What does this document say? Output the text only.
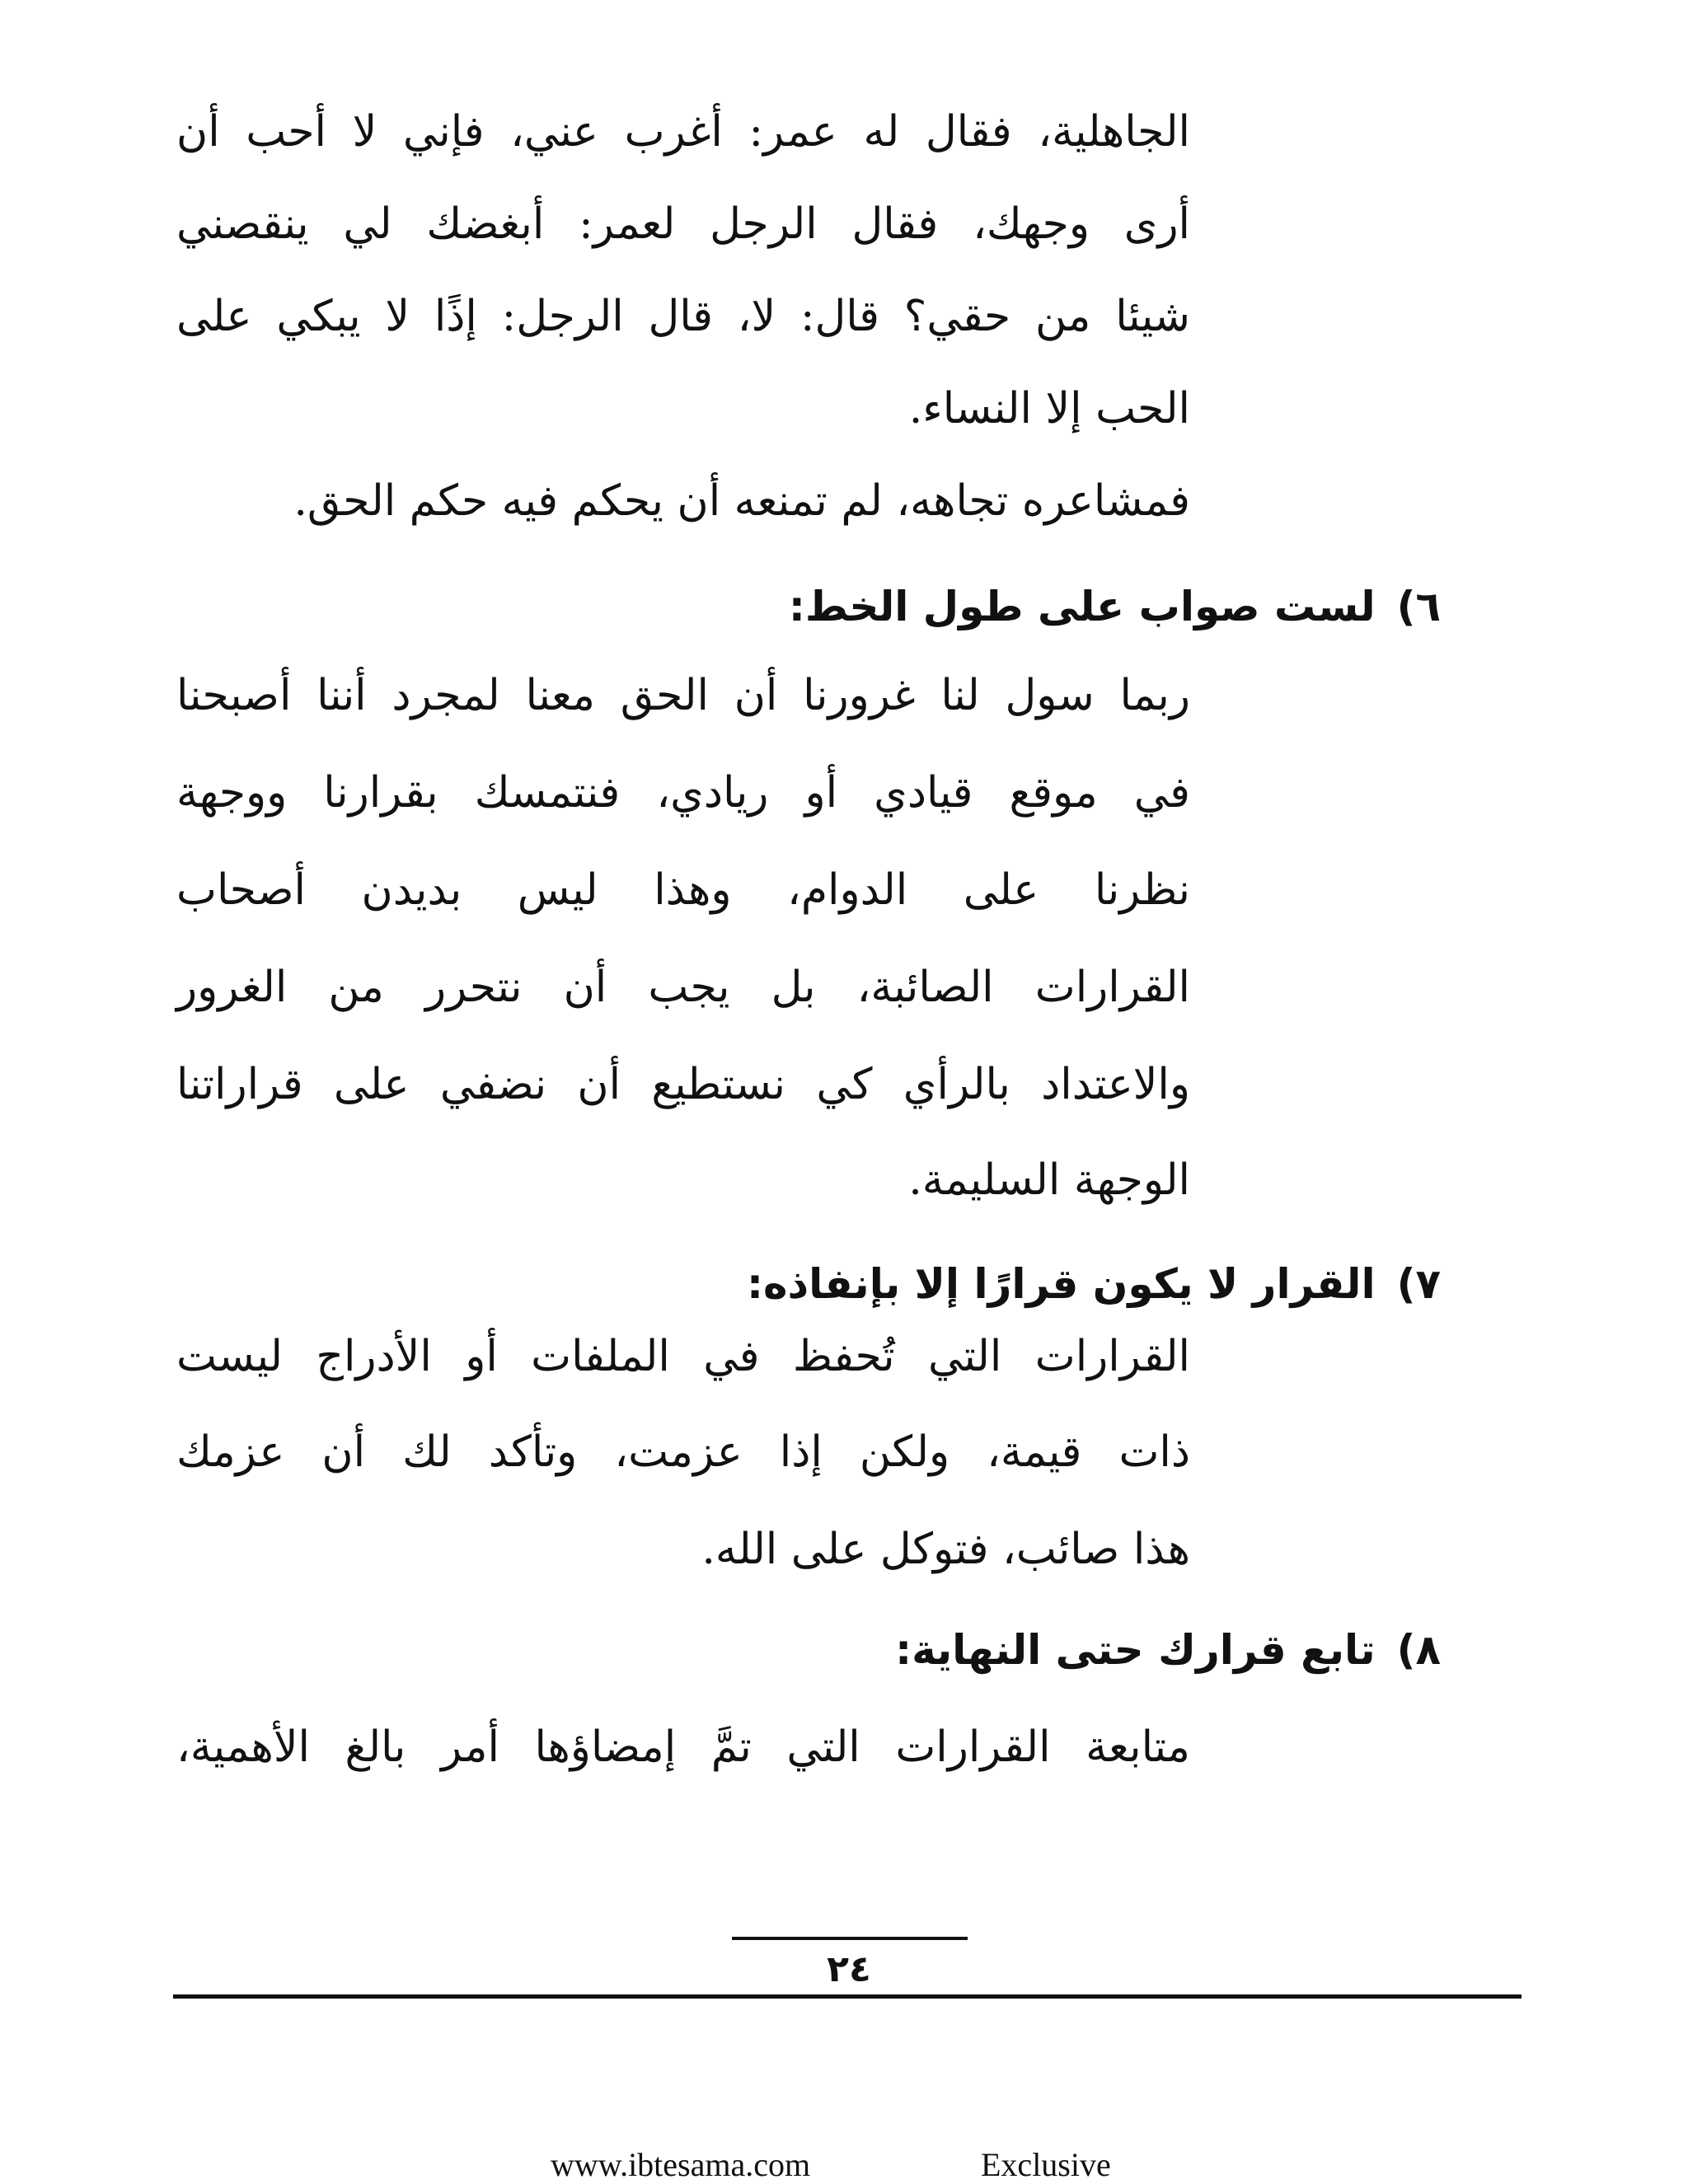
الجاهلية، فقال له عمر: أغرب عني، فإني لا أحب أن
أرى وجهك، فقال الرجل لعمر: أبغضك لي ينقصني
شيئا من حقي؟ قال: لا، قال الرجل: إذًا لا يبكي على
الحب إلا النساء.
فمشاعره تجاهه، لم تمنعه أن يحكم فيه حكم الحق.
٦)لست صواب على طول الخط:
ربما سول لنا غرورنا أن الحق معنا لمجرد أننا أصبحنا
في موقع قيادي أو ريادي، فنتمسك بقرارنا ووجهة
نظرنا على الدوام، وهذا ليس بديدن أصحاب
القرارات الصائبة، بل يجب أن نتحرر من الغرور
والاعتداد بالرأي كي نستطيع أن نضفي على قراراتنا
الوجهة السليمة.
٧)القرار لا يكون قرارًا إلا بإنفاذه:
القرارات التي تُحفظ في الملفات أو الأدراج ليست
ذات قيمة، ولكن إذا عزمت، وتأكد لك أن عزمك
هذا صائب، فتوكل على الله.
٨)تابع قرارك حتى النهاية:
متابعة القرارات التي تمَّ إمضاؤها أمر بالغ الأهمية،
٢٤
www.ibtesama.com	Exclusive
